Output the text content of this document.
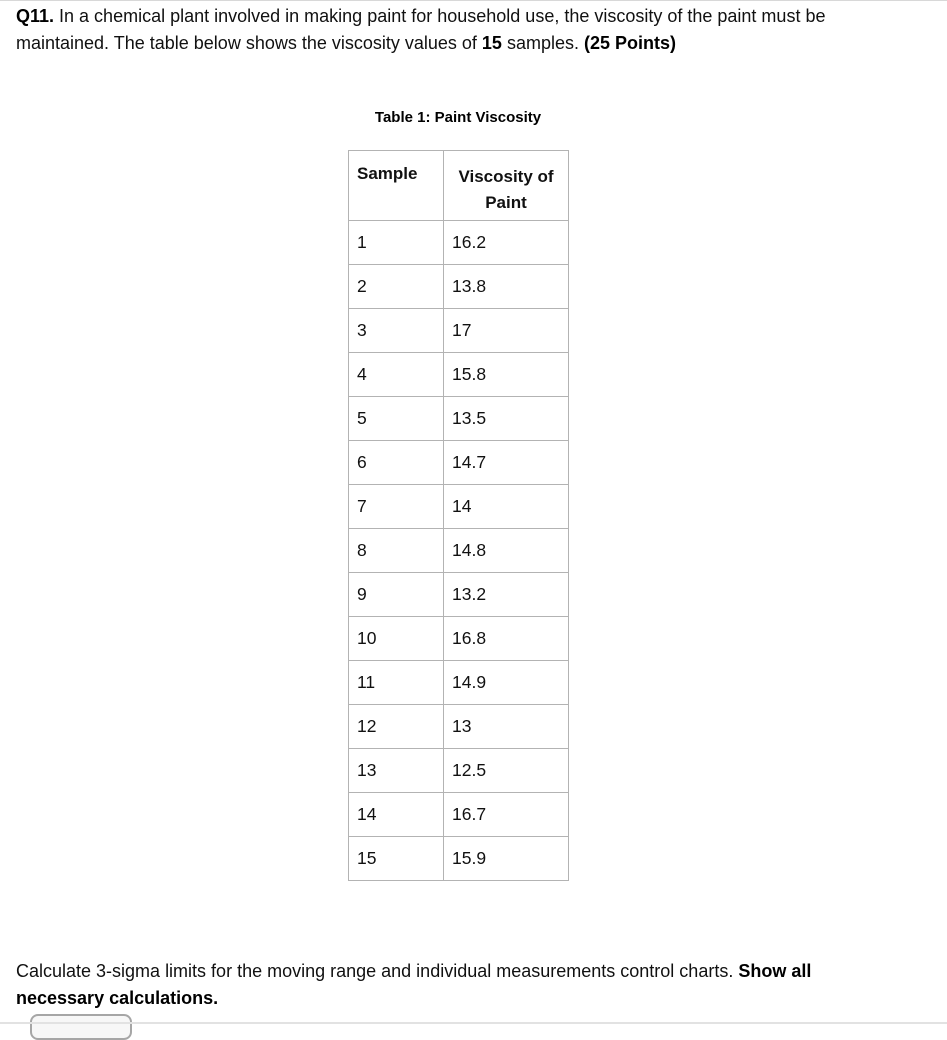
Q11. In a chemical plant involved in making paint for household use, the viscosity of the paint must be maintained. The table below shows the viscosity values of 15 samples. (25 Points)

Table 1: Paint Viscosity
Sample	Viscosity of Paint
1	16.2
2	13.8
3	17
4	15.8
5	13.5
6	14.7
7	14
8	14.8
9	13.2
10	16.8
11	14.9
12	13
13	12.5
14	16.7
15	15.9

Calculate 3-sigma limits for the moving range and individual measurements control charts. Show all necessary calculations.
